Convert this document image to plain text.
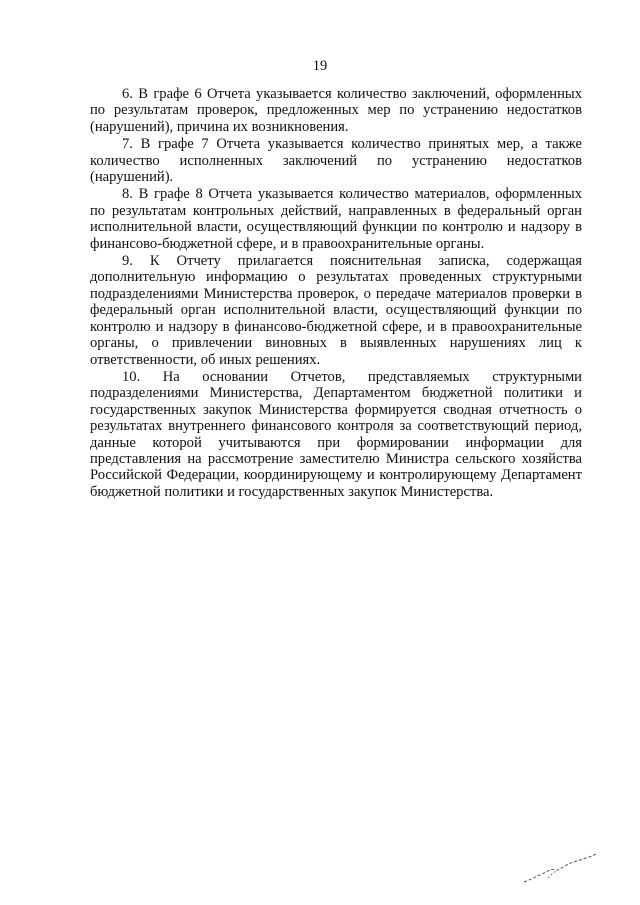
19

6. В графе 6 Отчета указывается количество заключений, оформленных по результатам проверок, предложенных мер по устранению недостатков (нарушений), причина их возникновения.

7. В графе 7 Отчета указывается количество принятых мер, а также количество исполненных заключений по устранению недостатков (нарушений).

8. В графе 8 Отчета указывается количество материалов, оформленных по результатам контрольных действий, направленных в федеральный орган исполнительной власти, осуществляющий функции по контролю и надзору в финансово-бюджетной сфере, и в правоохранительные органы.

9. К Отчету прилагается пояснительная записка, содержащая дополнительную информацию о результатах проведенных структурными подразделениями Министерства проверок, о передаче материалов проверки в федеральный орган исполнительной власти, осуществляющий функции по контролю и надзору в финансово-бюджетной сфере, и в правоохранительные органы, о привлечении виновных в выявленных нарушениях лиц к ответственности, об иных решениях.

10. На основании Отчетов, представляемых структурными подразделениями Министерства, Департаментом бюджетной политики и государственных закупок Министерства формируется сводная отчетность о результатах внутреннего финансового контроля за соответствующий период, данные которой учитываются при формировании информации для представления на рассмотрение заместителю Министра сельского хозяйства Российской Федерации, координирующему и контролирующему Департамент бюджетной политики и государственных закупок Министерства.
